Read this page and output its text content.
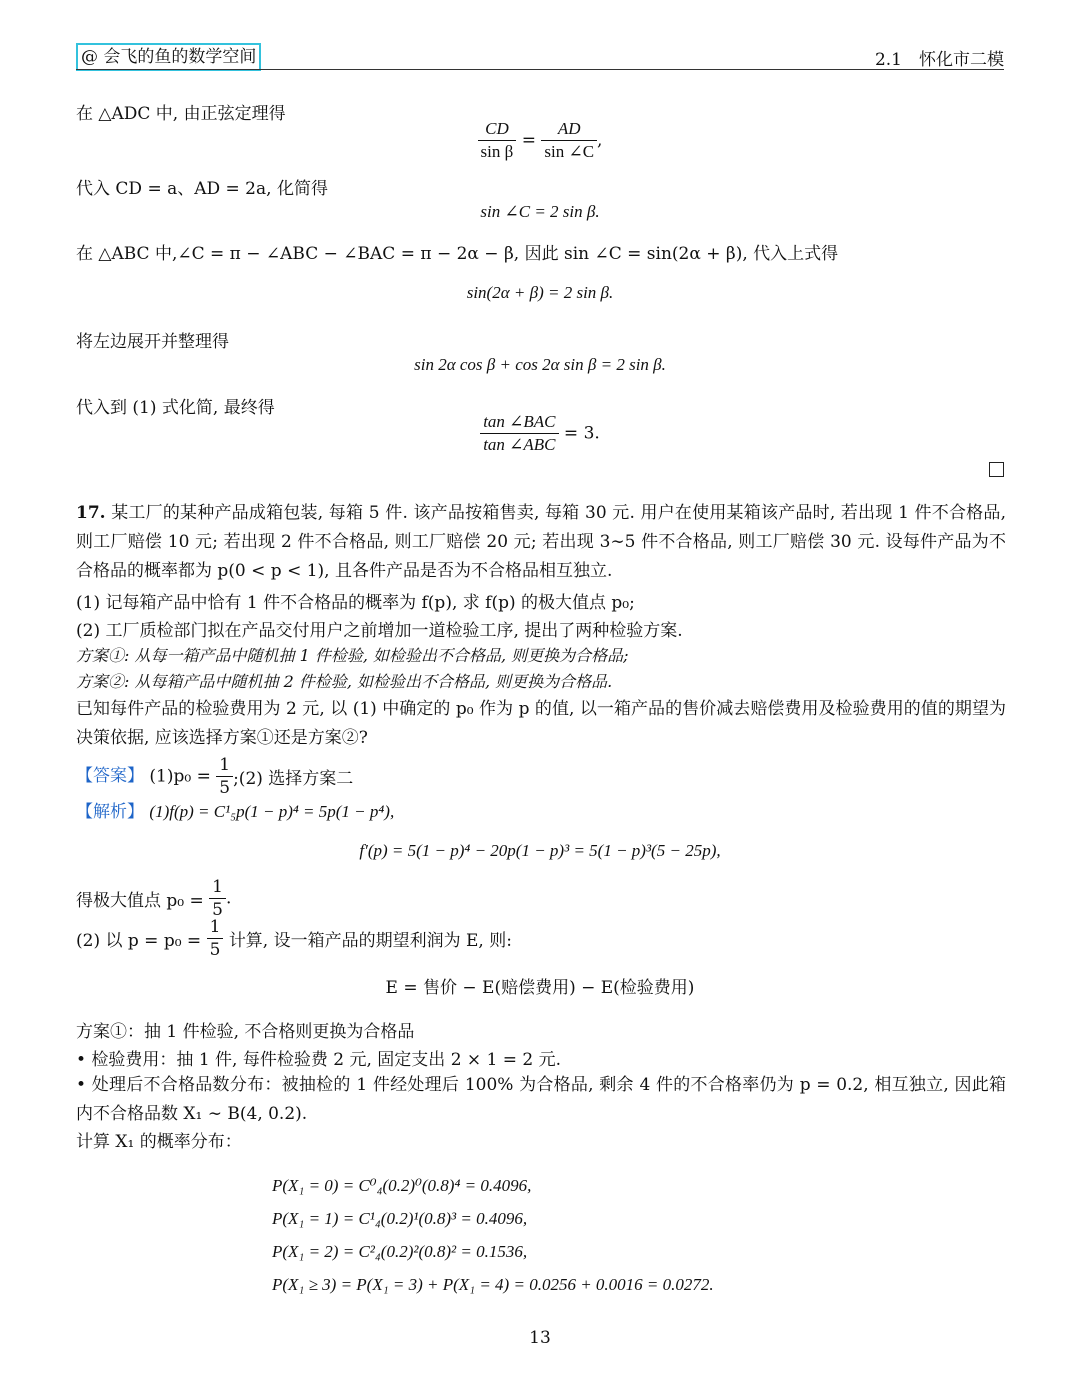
@ 会飞的鱼的数学空间	2.1　怀化市二模
在 △ADC 中, 由正弦定理得
$\frac{CD}{\text{sin β}} = \frac{AD}{\sin \angle C}$ ,
代入 CD = a、AD = 2a, 化简得
sin ∠C = 2 sin β.
在 △ABC 中,∠C = π − ∠ABC − ∠BAC = π − 2α − β, 因此 sin ∠C = sin(2α + β), 代入上式得
sin(2α + β) = 2 sin β.
将左边展开并整理得
sin 2α cos β + cos 2α sin β = 2 sin β.
代入到 (1) 式化简, 最终得
$\frac{\text{tan ∠BAC}}{\text{tan ∠ABC}} = 3$.
17. 某工厂的某种产品成箱包装, 每箱 5 件. 该产品按箱售卖, 每箱 30 元. 用户在使用某箱该产品时, 若出现 1 件不合格品, 则工厂赔偿 10 元; 若出现 2 件不合格品, 则工厂赔偿 20 元; 若出现 3∼5 件不合格品, 则工厂赔偿 30 元. 设每件产品为不合格品的概率都为 p(0 < p < 1), 且各件产品是否为不合格品相互独立.
(1) 记每箱产品中恰有 1 件不合格品的概率为 f(p), 求 f(p) 的极大值点 p₀;
(2) 工厂质检部门拟在产品交付用户之前增加一道检验工序, 提出了两种检验方案.
方案①: 从每一箱产品中随机抽 1 件检验, 如检验出不合格品, 则更换为合格品;
方案②: 从每箱产品中随机抽 2 件检验, 如检验出不合格品, 则更换为合格品.
已知每件产品的检验费用为 2 元, 以 (1) 中确定的 p₀ 作为 p 的值, 以一箱产品的售价减去赔偿费用及检验费用的值的期望为决策依据, 应该选择方案①还是方案②?
【答案】 $(1)p_0 = \frac{1}{5}$ ;(2) 选择方案二
【解析】 (1)f(p) = C¹₅p(1 − p)⁴ = 5p(1 − p⁴),
f′(p) = 5(1 − p)⁴ − 20p(1 − p)³ = 5(1 − p)³(5 − 25p),
得极大值点 $p_0 = \frac{1}{5}$ .
(2) 以 $p = p_0 = \frac{1}{5}$ 计算, 设一箱产品的期望利润为 E, 则:
E = 售价 − E(赔偿费用) − E(检验费用)
方案①：抽 1 件检验, 不合格则更换为合格品
• 检验费用：抽 1 件, 每件检验费 2 元, 固定支出 2 × 1 = 2 元.
• 处理后不合格品数分布：被抽检的 1 件经处理后 100% 为合格品, 剩余 4 件的不合格率仍为 p = 0.2, 相互独立, 因此箱内不合格品数 X₁ ∼ B(4, 0.2).
计算 X₁ 的概率分布：
P(X₁ = 0) = C⁰₄(0.2)⁰(0.8)⁴ = 0.4096,
P(X₁ = 1) = C¹₄(0.2)¹(0.8)³ = 0.4096,
P(X₁ = 2) = C²₄(0.2)²(0.8)² = 0.1536,
P(X₁ ≥ 3) = P(X₁ = 3) + P(X₁ = 4) = 0.0256 + 0.0016 = 0.0272.
13
